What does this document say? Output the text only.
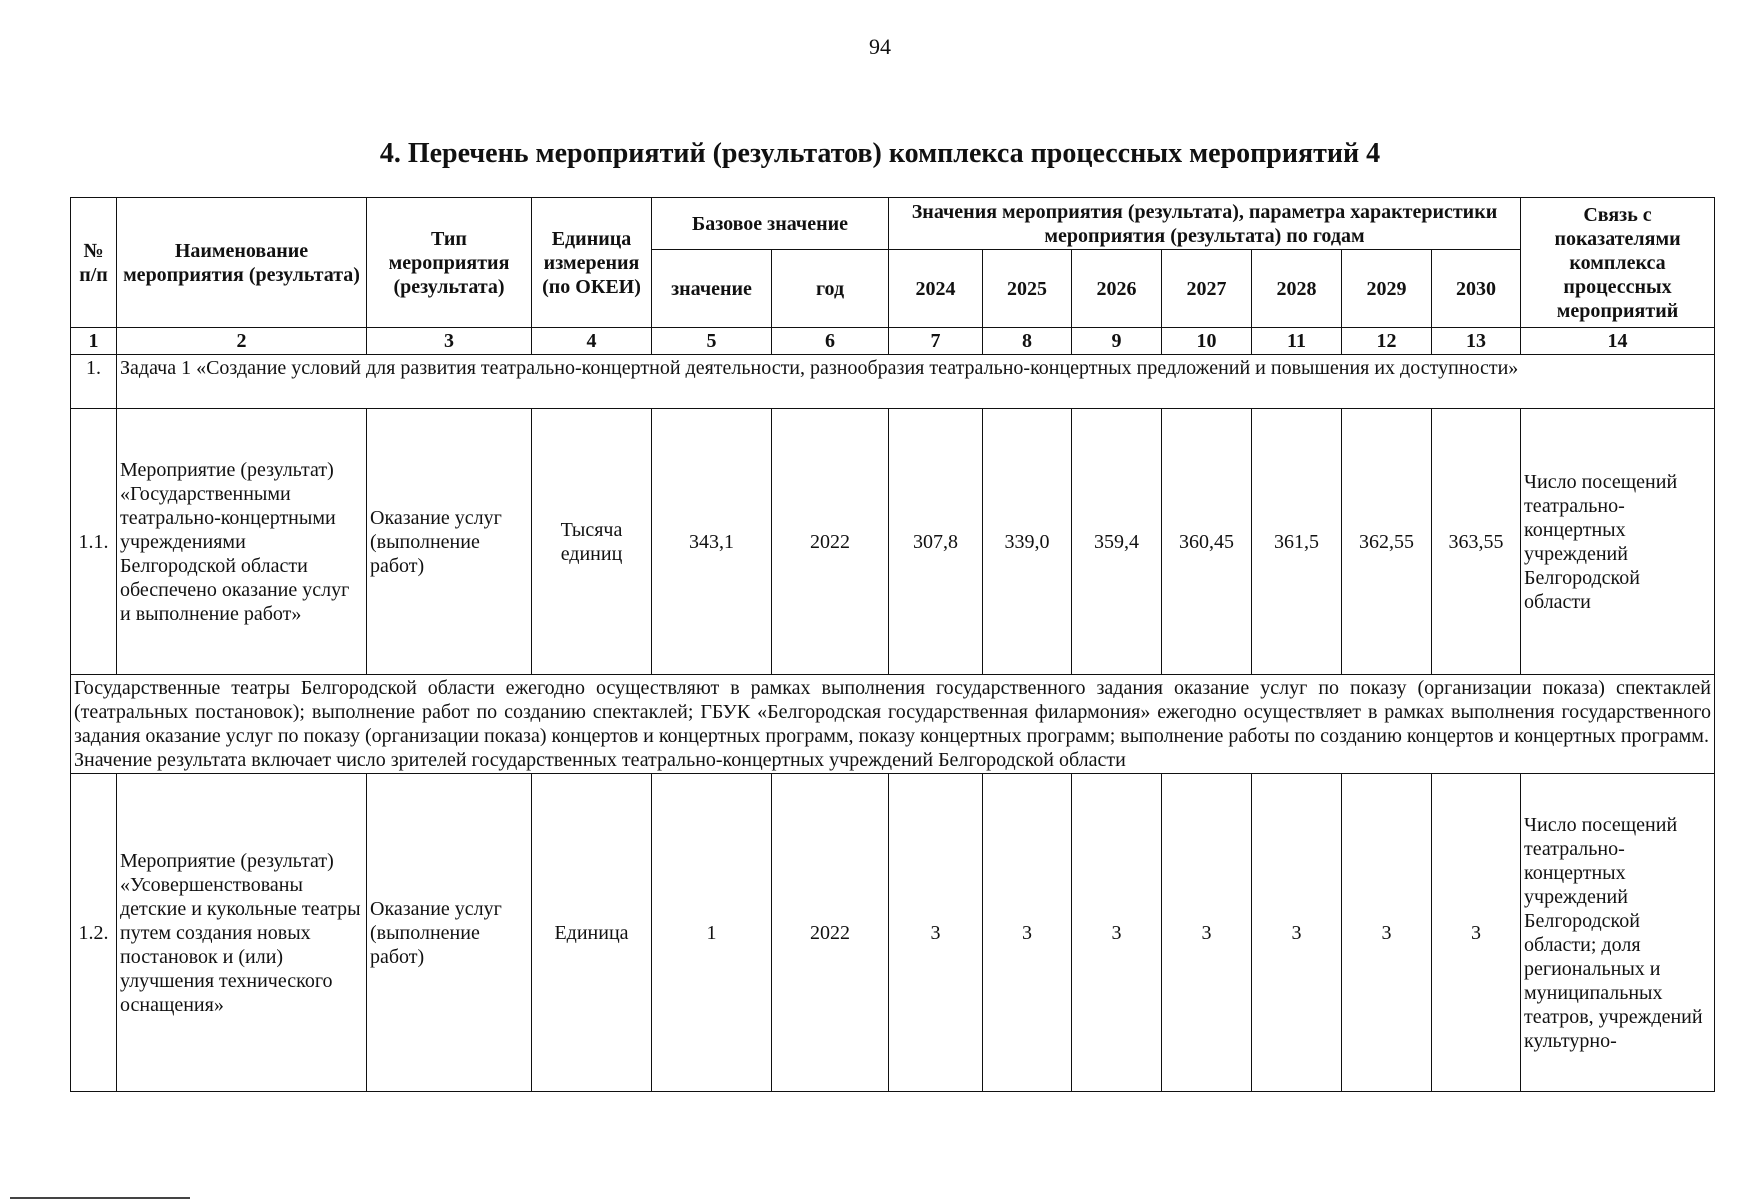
94
4. Перечень мероприятий (результатов) комплекса процессных мероприятий 4
№ п/п	Наименование мероприятия (результата)	Тип мероприятия (результата)	Единица измерения (по ОКЕИ)	Базовое значение		Значения мероприятия (результата), параметра характеристики мероприятия (результата) по годам							Связь с показателями комплекса процессных мероприятий
				значение	год	2024	2025	2026	2027	2028	2029	2030	
1	2	3	4	5	6	7	8	9	10	11	12	13	14
1.	Задача 1 «Создание условий для развития театрально-концертной деятельности, разнообразия театрально-концертных предложений и повышения их доступности»												
1.1.	Мероприятие (результат) «Государственными театрально-концертными учреждениями Белгородской области обеспечено оказание услуг и выполнение работ»	Оказание услуг (выполнение работ)	Тысяча единиц	343,1	2022	307,8	339,0	359,4	360,45	361,5	362,55	363,55	Число посещений театрально-концертных учреждений Белгородской области

Государственные театры Белгородской области ежегодно осуществляют в рамках выполнения государственного задания оказание услуг по показу (организации показа) спектаклей (театральных постановок); выполнение работ по созданию спектаклей; ГБУК «Белгородская государственная филармония» ежегодно осуществляет в рамках выполнения государственного задания оказание услуг по показу (организации показа) концертов и концертных программ, показу концертных программ; выполнение работы по созданию концертов и концертных программ.
Значение результата включает число зрителей государственных театрально-концертных учреждений Белгородской области													

1.2.	Мероприятие (результат) «Усовершенствованы детские и кукольные театры путем создания новых постановок и (или) улучшения технического оснащения»	Оказание услуг (выполнение работ)	Единица	1	2022	3	3	3	3	3	3	3	Число посещений театрально-концертных учреждений Белгородской области; доля региональных и муниципальных театров, учреждений культурно-
